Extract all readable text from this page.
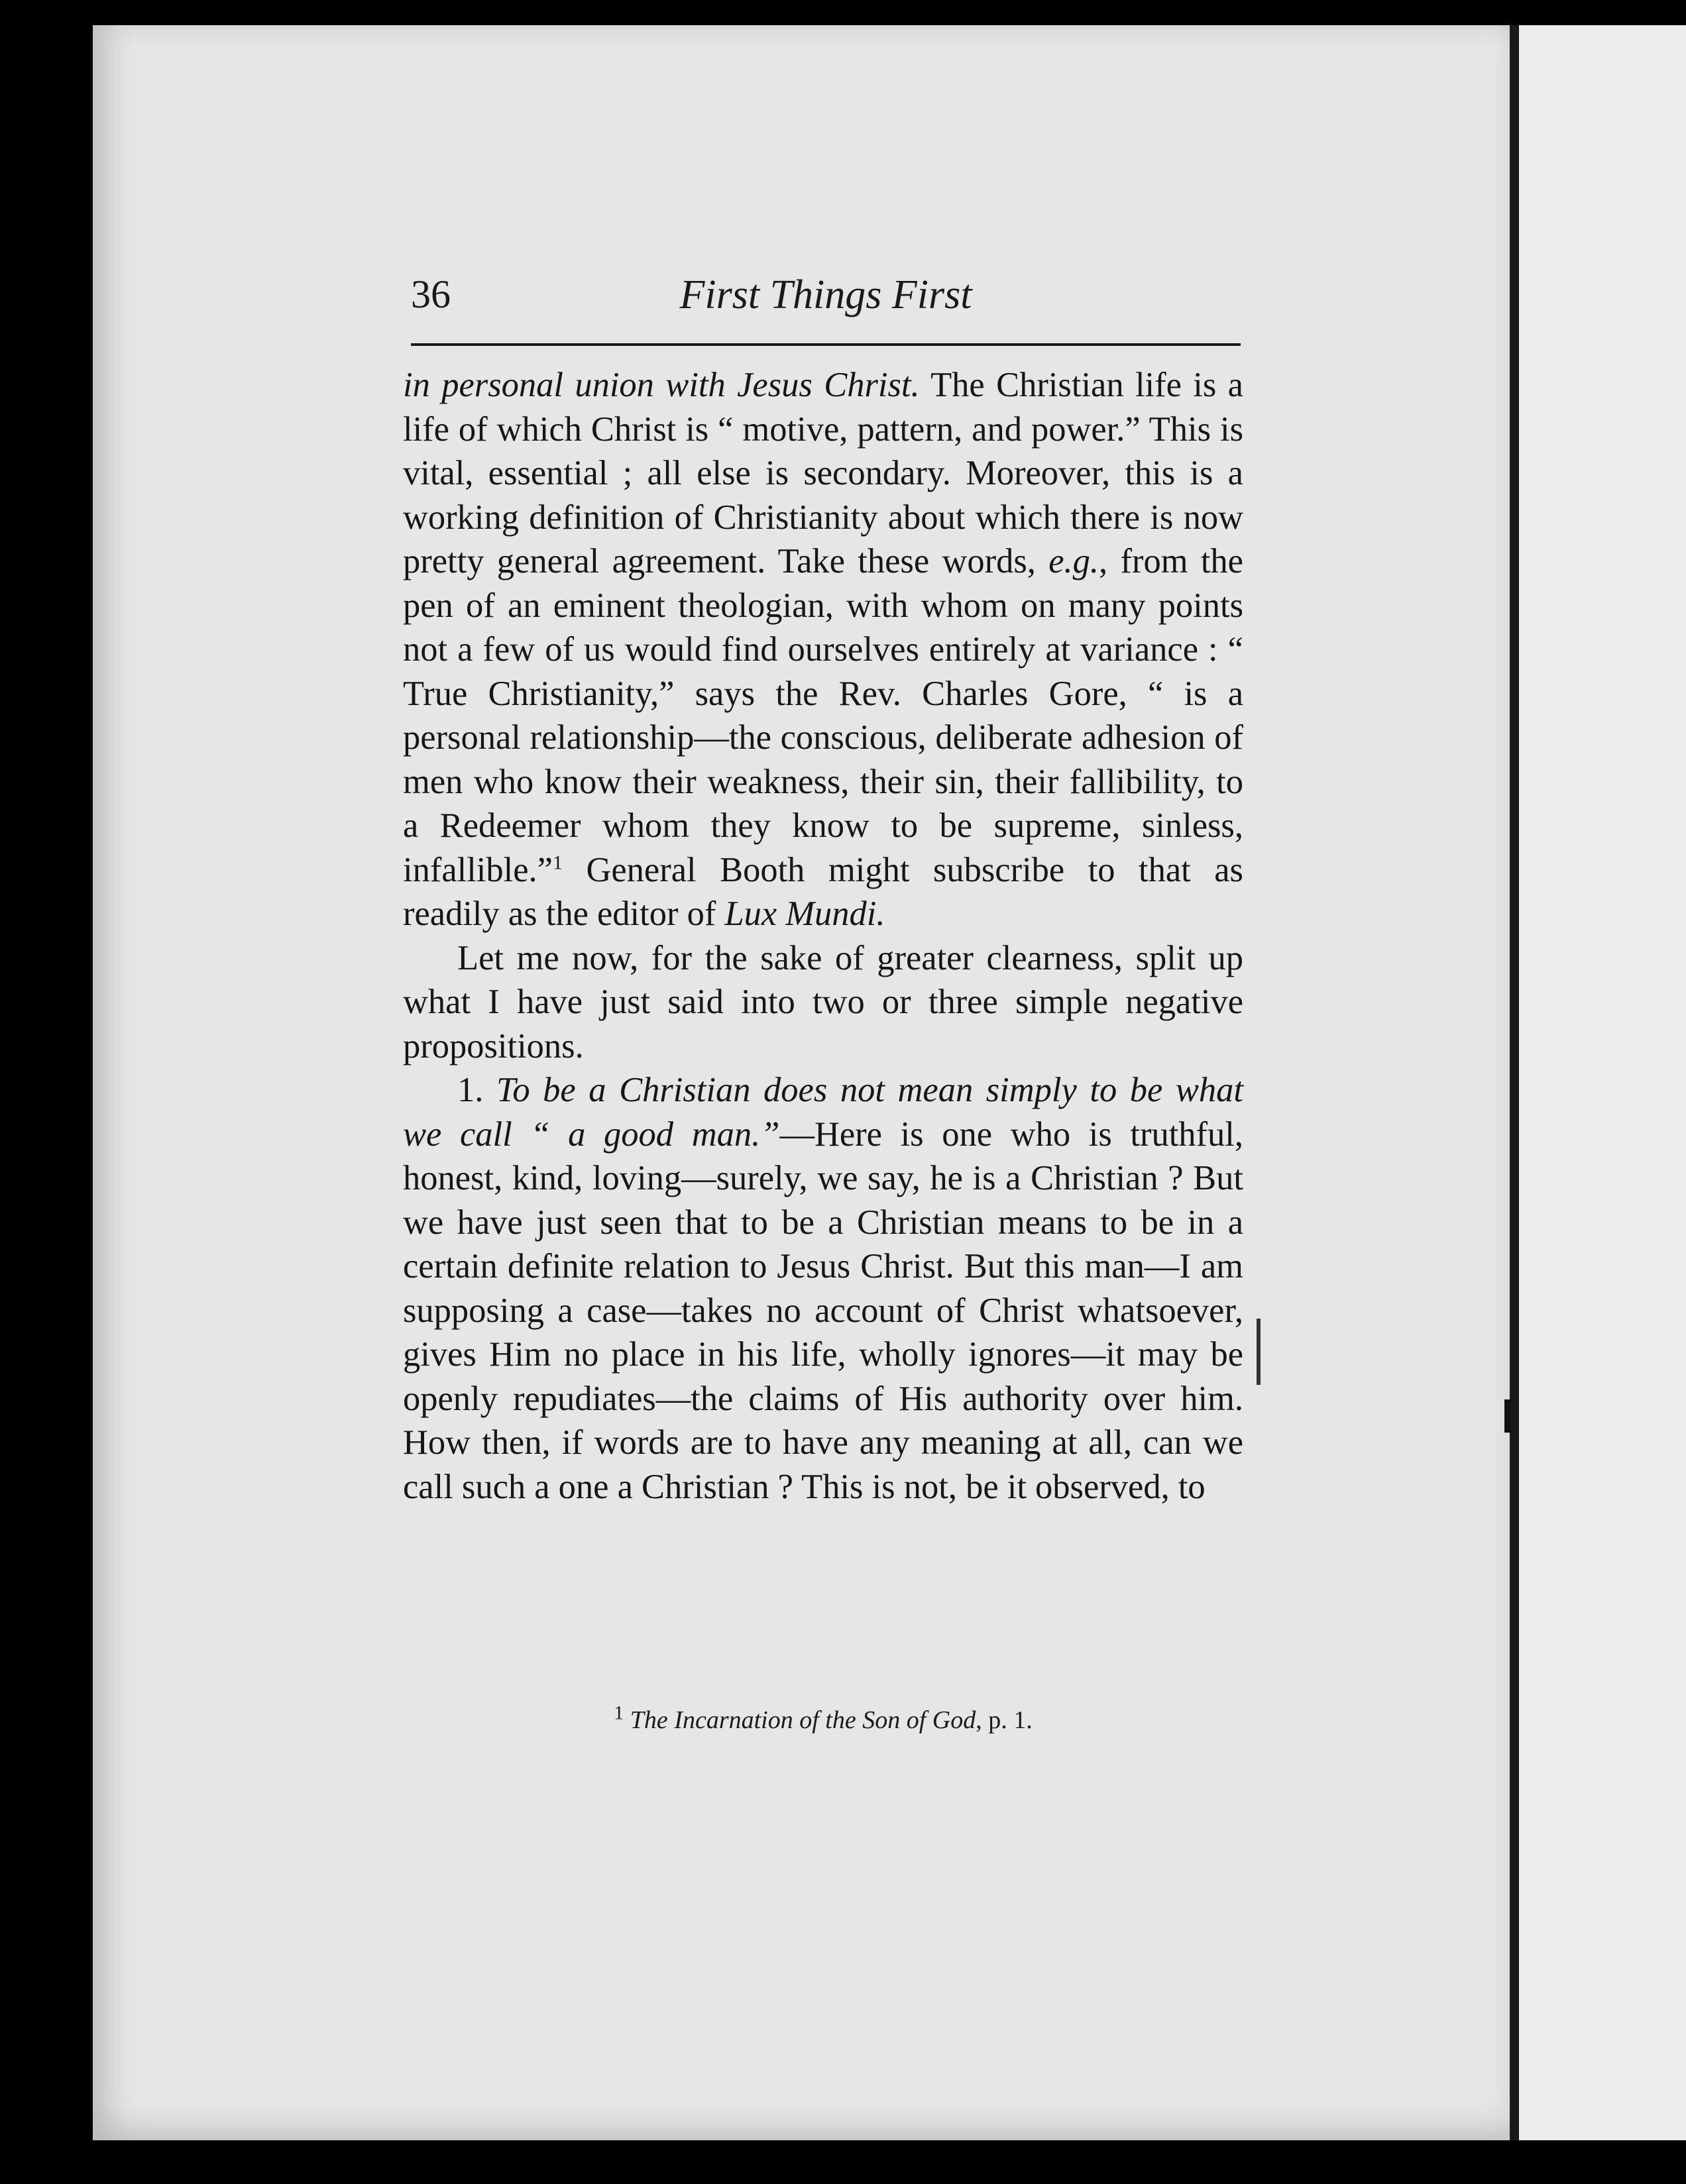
36	First Things First

in personal union with Jesus Christ. The Christian life is a life of which Christ is “ motive, pattern, and power.” This is vital, essential ; all else is secondary. Moreover, this is a working definition of Christianity about which there is now pretty general agreement. Take these words, e.g., from the pen of an eminent theologian, with whom on many points not a few of us would find ourselves entirely at variance : “ True Christianity,” says the Rev. Charles Gore, “ is a personal relationship—the conscious, deliberate adhesion of men who know their weakness, their sin, their fallibility, to a Redeemer whom they know to be supreme, sinless, infallible.”$^1$ General Booth might subscribe to that as readily as the editor of Lux Mundi.

Let me now, for the sake of greater clearness, split up what I have just said into two or three simple negative propositions.

1. To be a Christian does not mean simply to be what we call “ a good man.”—Here is one who is truthful, honest, kind, loving—surely, we say, he is a Christian ? But we have just seen that to be a Christian means to be in a certain definite relation to Jesus Christ. But this man—I am supposing a case—takes no account of Christ whatsoever, gives Him no place in his life, wholly ignores—it may be openly repudiates—the claims of His authority over him. How then, if words are to have any meaning at all, can we call such a one a Christian ? This is not, be it observed, to

$^1$ The Incarnation of the Son of God, p. 1.
